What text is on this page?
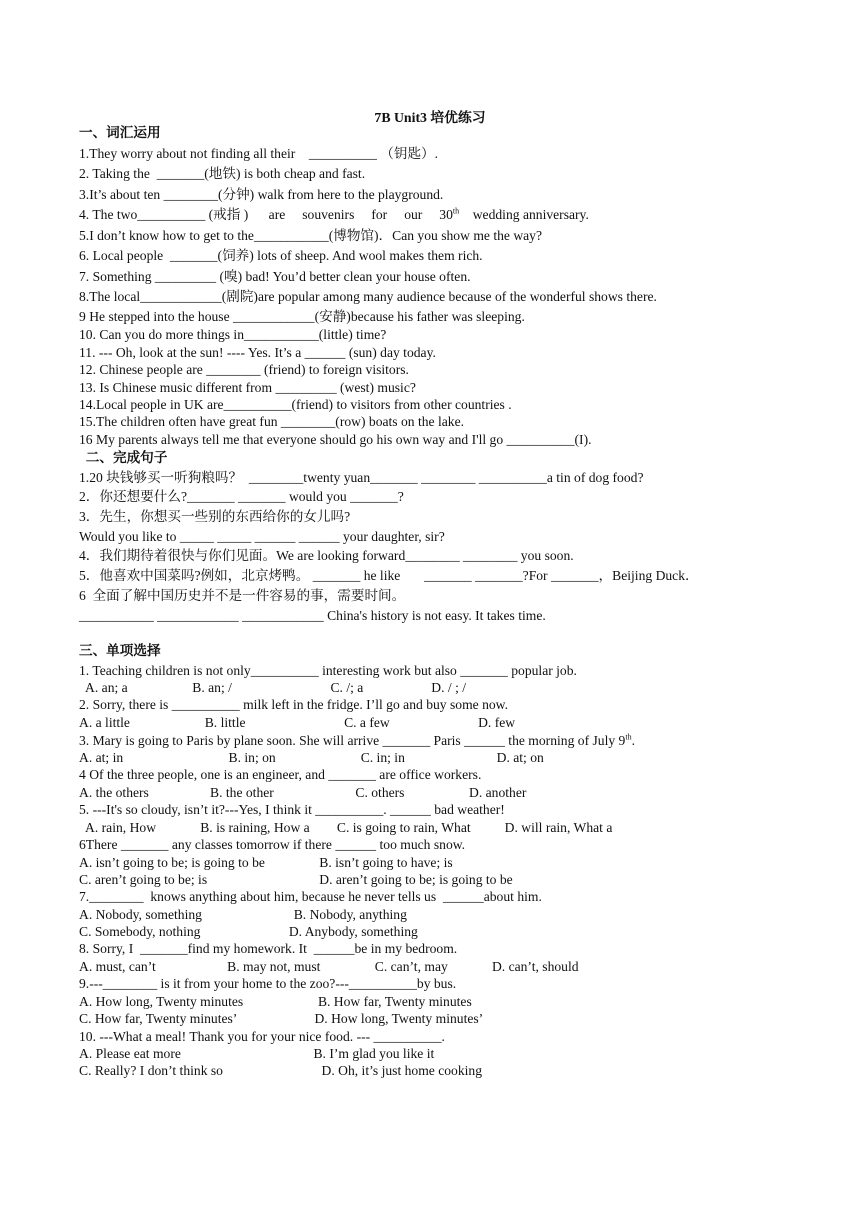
7B Unit3 培优练习
一、词汇运用
1.They worry about not finding all their    __________ （钥匙）.
2. Taking the  _______(地铁) is both cheap and fast.
3.It’s about ten ________(分钟) walk from here to the playground.
4. The two__________ (戒指 )      are     souvenirs     for     our     30th    wedding anniversary.
5.I don’t know how to get to the___________(博物馆)．Can you show me the way?
6. Local people  _______(饲养) lots of sheep. And wool makes them rich.
7. Something _________ (嗅) bad! You’d better clean your house often.
8.The local____________(剧院)are popular among many audience because of the wonderful shows there.
9 He stepped into the house ____________(安静)because his father was sleeping.
10. Can you do more things in___________(little) time?
11. --- Oh, look at the sun! ---- Yes. It’s a ______ (sun) day today.
12. Chinese people are ________ (friend) to foreign visitors.
13. Is Chinese music different from _________ (west) music?
14.Local people in UK are__________(friend) to visitors from other countries .
15.The children often have great fun ________(row) boats on the lake.
16 My parents always tell me that everyone should go his own way and I'll go __________(I).
二、完成句子
1.20 块钱够买一听狗粮吗？  ________twenty yuan_______ ________ __________a tin of dog food?
2．你还想要什么?_______ _______ would you _______?
3．先生，你想买一些别的东西给你的女儿吗?
Would you like to _____ _____ ______ ______ your daughter, sir?
4．我们期待着很快与你们见面。We are looking forward________ ________ you soon.
5．他喜欢中国菜吗?例如，北京烤鸭。 _______ he like       _______ _______?For _______，Beijing Duck．
6  全面了解中国历史并不是一件容易的事，需要时间。
___________ ____________ ____________ China's history is not easy. It takes time.
三、单项选择
1. Teaching children is not only__________ interesting work but also _______ popular job.
A. an; a                   B. an; /                             C. /; a                    D. / ; /
2. Sorry, there is __________ milk left in the fridge. I’ll go and buy some now.
A. a little                      B. little                             C. a few                          D. few
3. Mary is going to Paris by plane soon. She will arrive _______ Paris ______ the morning of July 9th.
A. at; in                               B. in; on                         C. in; in                           D. at; on
4 Of the three people, one is an engineer, and _______ are office workers.
A. the others                  B. the other                        C. others                   D. another
5. ---It's so cloudy, isn’t it?---Yes, I think it __________. ______ bad weather!
A. rain, How             B. is raining, How a        C. is going to rain, What          D. will rain, What a
6There _______ any classes tomorrow if there ______ too much snow.
A. isn’t going to be; is going to be                B. isn’t going to have; is
C. aren’t going to be; is                                 D. aren’t going to be; is going to be
7.________  knows anything about him, because he never tells us  ______about him.
A. Nobody, something                           B. Nobody, anything
C. Somebody, nothing                          D. Anybody, something
8. Sorry, I  _______find my homework. It  ______be in my bedroom.
A. must, can’t                     B. may not, must                C. can’t, may             D. can’t, should
9.---________ is it from your home to the zoo?---__________by bus.
A. How long, Twenty minutes                      B. How far, Twenty minutes
C. How far, Twenty minutes’                       D. How long, Twenty minutes’
10. ---What a meal! Thank you for your nice food. --- __________.
A. Please eat more                                       B. I’m glad you like it
C. Really? I don’t think so                             D. Oh, it’s just home cooking
